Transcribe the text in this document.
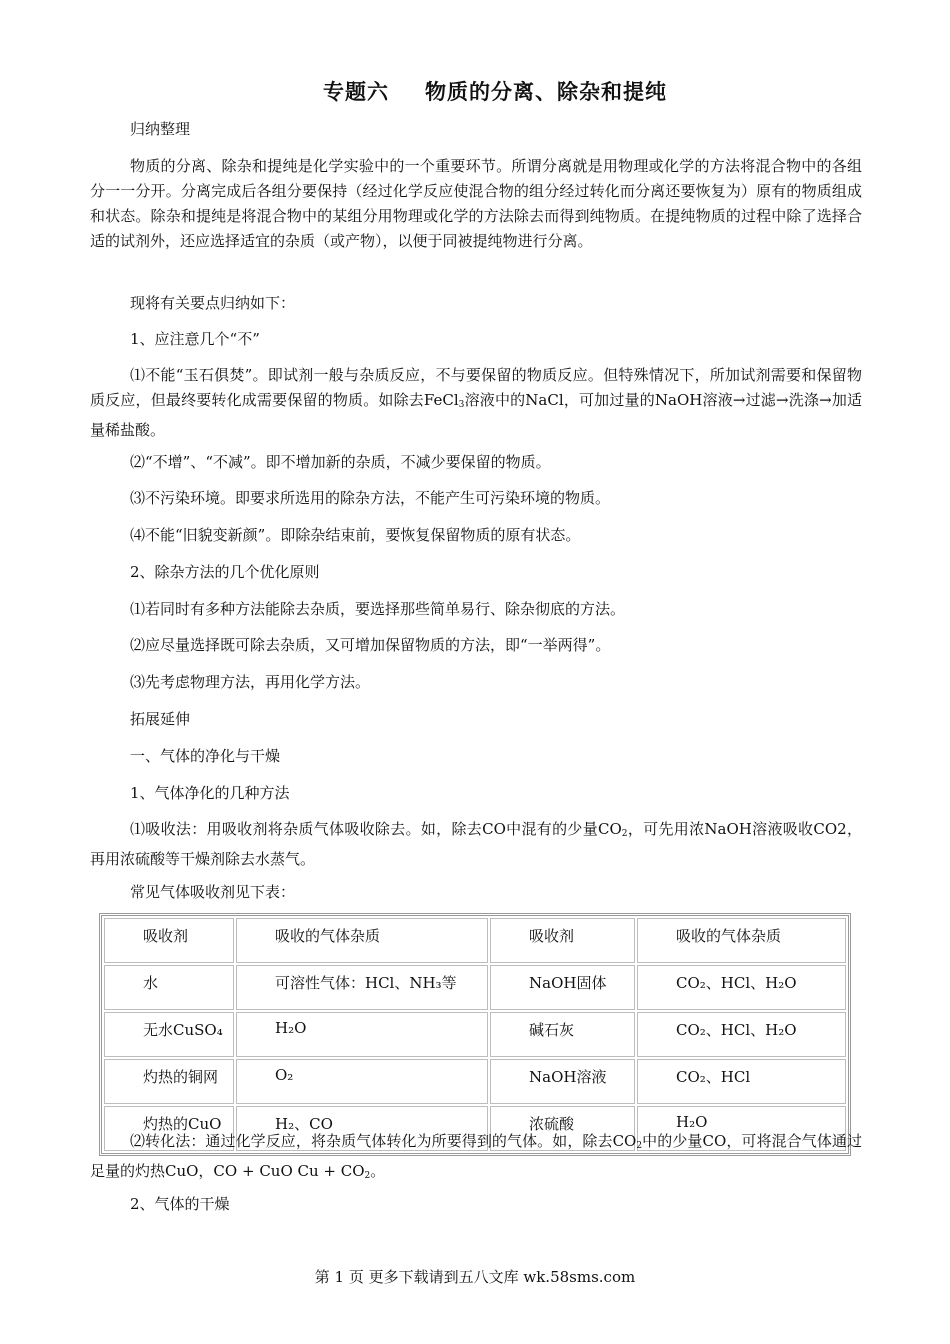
专题六 物质的分离、除杂和提纯
归纳整理
物质的分离、除杂和提纯是化学实验中的一个重要环节。所谓分离就是用物理或化学的方法将混合物中的各组分一一分开。分离完成后各组分要保持（经过化学反应使混合物的组分经过转化而分离还要恢复为）原有的物质组成和状态。除杂和提纯是将混合物中的某组分用物理或化学的方法除去而得到纯物质。在提纯物质的过程中除了选择合适的试剂外，还应选择适宜的杂质（或产物），以便于同被提纯物进行分离。
现将有关要点归纳如下：
1、应注意几个“不”
⑴不能“玉石俱焚”。即试剂一般与杂质反应，不与要保留的物质反应。但特殊情况下，所加试剂需要和保留物质反应，但最终要转化成需要保留的物质。如除去FeCl$_3$溶液中的NaCl，可加过量的NaOH溶液→过滤→洗涤→加适量稀盐酸。
⑵“不增”、“不减”。即不增加新的杂质，不减少要保留的物质。
⑶不污染环境。即要求所选用的除杂方法，不能产生可污染环境的物质。
⑷不能“旧貌变新颜”。即除杂结束前，要恢复保留物质的原有状态。
2、除杂方法的几个优化原则
⑴若同时有多种方法能除去杂质，要选择那些简单易行、除杂彻底的方法。
⑵应尽量选择既可除去杂质，又可增加保留物质的方法，即“一举两得”。
⑶先考虑物理方法，再用化学方法。
拓展延伸
一、气体的净化与干燥
1、气体净化的几种方法
⑴吸收法：用吸收剂将杂质气体吸收除去。如，除去CO中混有的少量$CO_2$，可先用浓NaOH溶液吸收CO2，再用浓硫酸等干燥剂除去水蒸气。
常见气体吸收剂见下表：
吸收剂	吸收的气体杂质	吸收剂	吸收的气体杂质
水	可溶性气体：HCl、NH₃等	NaOH固体	CO₂、HCl、H₂O
无水CuSO₄	H₂O	碱石灰	CO₂、HCl、H₂O
灼热的铜网	O₂	NaOH溶液	CO₂、HCl
灼热的CuO	H₂、CO	浓硫酸	H₂O
⑵转化法：通过化学反应，将杂质气体转化为所要得到的气体。如，除去$CO_2$中的少量CO，可将混合气体通过足量的灼热CuO，CO + CuO $Cu + CO_2$。
2、气体的干燥
第 1 页 更多下载请到五八文库 wk.58sms.com
